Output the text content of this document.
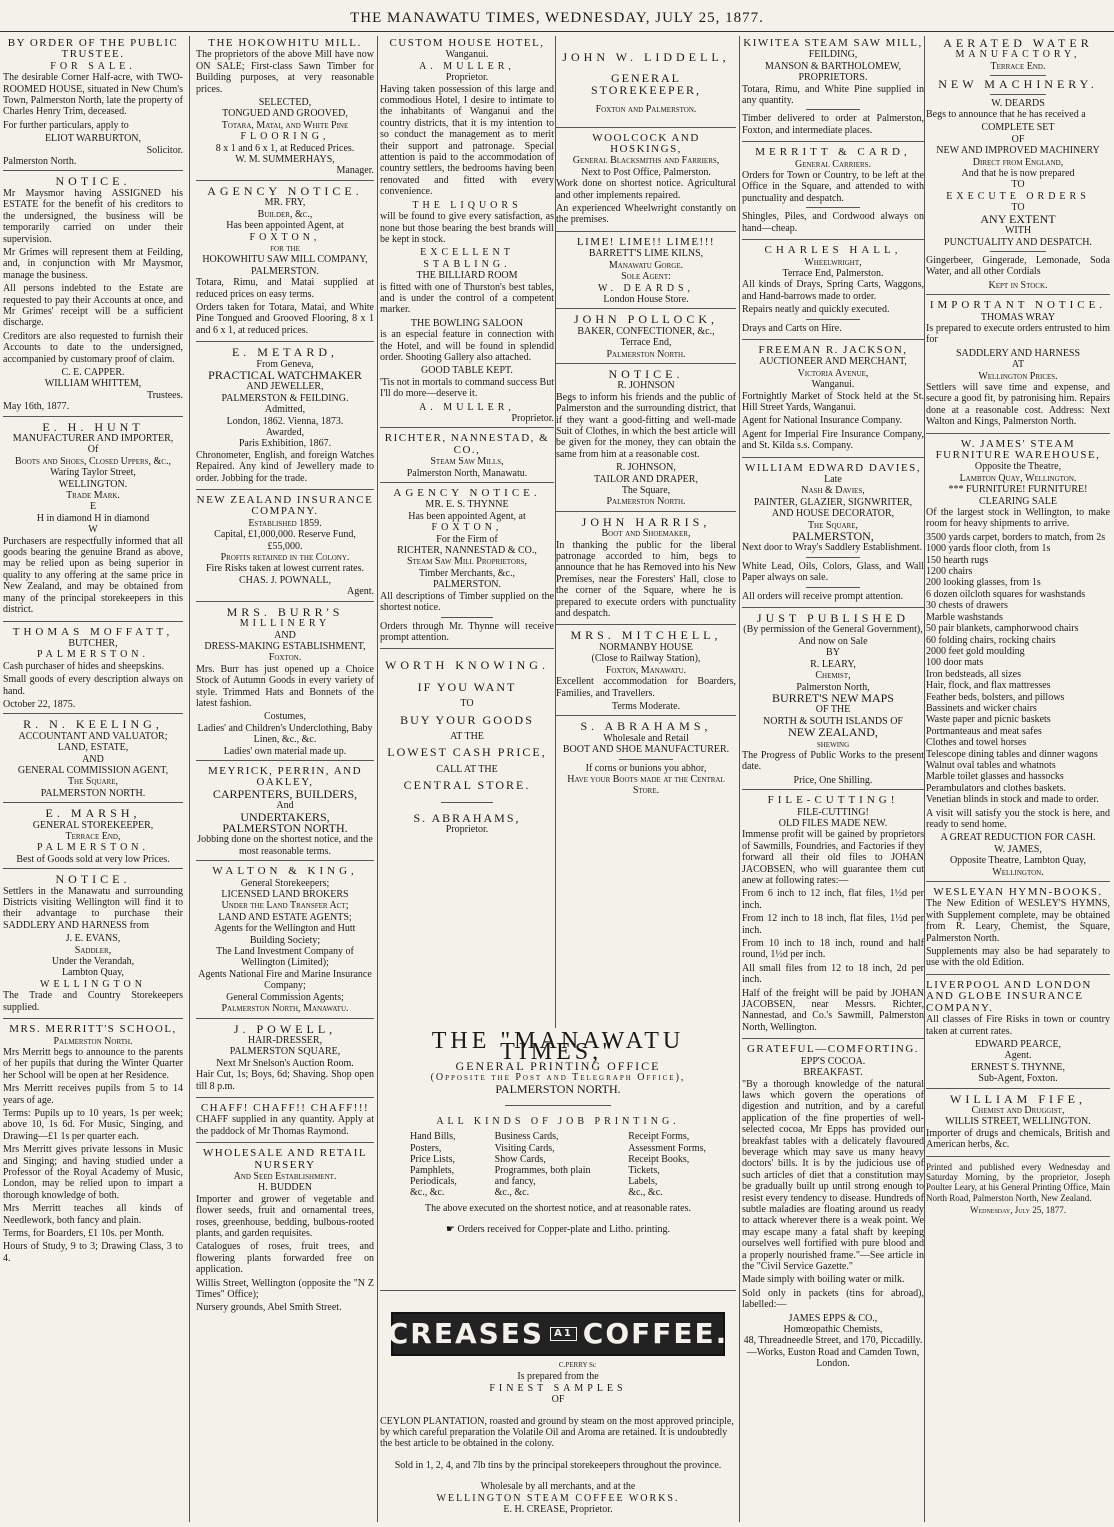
THE MANAWATU TIMES, WEDNESDAY, JULY 25, 1877.
BY ORDER OF THE PUBLIC TRUSTEE.
FOR SALE.

The desirable Corner Half-acre, with TWO-ROOMED HOUSE, situated in New Chum's Town, Palmerston North, late the property of Charles Henry Trim, deceased.

For further particulars, apply to

ELIOT WARBURTON,
Solicitor.
Palmerston North.
NOTICE.

Mr Maysmor having ASSIGNED his ESTATE for the benefit of his creditors to the undersigned, the business will be temporarily carried on under their supervision.

Mr Grimes will represent them at Feilding, and, in conjunction with Mr Maysmor, manage the business.

All persons indebted to the Estate are requested to pay their Accounts at once, and Mr Grimes' receipt will be a sufficient discharge.

Creditors are also requested to furnish their Accounts to date to the undersigned, accompanied by customary proof of claim.

C. E. CAPPER.
WILLIAM WHITTEM,
Trustees.
May 16th, 1877.
E. H. HUNT
MANUFACTURER AND IMPORTER,
Of
Boots and Shoes, Closed Uppers, &c.,
Waring Taylor Street,
WELLINGTON.
Trade Mark.
E
H in diamond H in diamond
W

Purchasers are respectfully informed that all goods bearing the genuine Brand as above, may be relied upon as being superior in quality to any offering at the same price in New Zealand, and may be obtained from many of the principal storekeepers in this district.

THOMAS MOFFATT,
BUTCHER,
PALMERSTON.

Cash purchaser of hides and sheepskins.

Small goods of every description always on hand.

October 22, 1875.
R. N. KEELING,
ACCOUNTANT AND VALUATOR;
LAND, ESTATE,
AND
GENERAL COMMISSION AGENT,
The Square,
PALMERSTON NORTH.
E. MARSH,
GENERAL STOREKEEPER,
Terrace End,
PALMERSTON.
Best of Goods sold at very low Prices.
NOTICE.

Settlers in the Manawatu and surrounding Districts visiting Wellington will find it to their advantage to purchase their SADDLERY AND HARNESS from

J. E. EVANS,
Saddler,
Under the Verandah,
Lambton Quay,
WELLINGTON

The Trade and Country Storekeepers supplied.

MRS. MERRITT'S SCHOOL,
Palmerston North.

Mrs Merritt begs to announce to the parents of her pupils that during the Winter Quarter her School will be open at her Residence.

Mrs Merritt receives pupils from 5 to 14 years of age.

Terms: Pupils up to 10 years, 1s per week; above 10, 1s 6d. For Music, Singing, and Drawing—£1 1s per quarter each.

Mrs Merritt gives private lessons in Music and Singing; and having studied under a Professor of the Royal Academy of Music, London, may be relied upon to impart a thorough knowledge of both.

Mrs Merritt teaches all kinds of Needlework, both fancy and plain.

Terms, for Boarders, £1 10s. per Month.

Hours of Study, 9 to 3; Drawing Class, 3 to 4.

THE HOKOWHITU MILL.

The proprietors of the above Mill have now ON SALE; First-class Sawn Timber for Building purposes, at very reasonable prices.

SELECTED,
TONGUED AND GROOVED,
Totara, Matai, and White Pine
FLOORING,
8 x 1 and 6 x 1, at Reduced Prices.
W. M. SUMMERHAYS,
Manager.
AGENCY NOTICE.
MR. FRY,
Builder, &c.,
Has been appointed Agent, at
FOXTON,
for the
HOKOWHITU SAW MILL COMPANY,
PALMERSTON.

Totara, Rimu, and Matai supplied at reduced prices on easy terms.

Orders taken for Totara, Matai, and White Pine Tongued and Grooved Flooring, 8 x 1 and 6 x 1, at reduced prices.

E. METARD,
From Geneva,
PRACTICAL WATCHMAKER
AND JEWELLER,
PALMERSTON & FEILDING.
Admitted,
London, 1862. Vienna, 1873.
Awarded,
Paris Exhibition, 1867.

Chronometer, English, and foreign Watches Repaired. Any kind of Jewellery made to order. Jobbing for the trade.

NEW ZEALAND INSURANCE COMPANY.
Established 1859.
Capital, £1,000,000. Reserve Fund, £55,000.
Profits retained in the Colony.
Fire Risks taken at lowest current rates.
CHAS. J. POWNALL,
Agent.
MRS. BURR'S
MILLINERY
AND
DRESS-MAKING ESTABLISHMENT,
Foxton.

Mrs. Burr has just opened up a Choice Stock of Autumn Goods in every variety of style. Trimmed Hats and Bonnets of the latest fashion.

Costumes,
Ladies' and Children's Underclothing, Baby Linen, &c., &c.
Ladies' own material made up.
MEYRICK, PERRIN, AND OAKLEY,
CARPENTERS, BUILDERS,
And
UNDERTAKERS,
PALMERSTON NORTH.
Jobbing done on the shortest notice, and the most reasonable terms.
WALTON & KING,
General Storekeepers;
LICENSED LAND BROKERS
Under the Land Transfer Act;
LAND AND ESTATE AGENTS;
Agents for the Wellington and Hutt Building Society;
The Land Investment Company of Wellington (Limited);
Agents National Fire and Marine Insurance Company;
General Commission Agents;
Palmerston North, Manawatu.
J. POWELL,
HAIR-DRESSER,
PALMERSTON SQUARE,
Next Mr Snelson's Auction Room.

Hair Cut, 1s; Boys, 6d; Shaving. Shop open till 8 p.m.

CHAFF! CHAFF!! CHAFF!!!

CHAFF supplied in any quantity. Apply at the paddock of Mr Thomas Raymond.

WHOLESALE AND RETAIL NURSERY
And Seed Establishment.
H. BUDDEN

Importer and grower of vegetable and flower seeds, fruit and ornamental trees, roses, greenhouse, bedding, bulbous-rooted plants, and garden requisites.

Catalogues of roses, fruit trees, and flowering plants forwarded free on application.

Willis Street, Wellington (opposite the "N Z Times" Office);

Nursery grounds, Abel Smith Street.

CUSTOM HOUSE HOTEL,
Wanganui.
A. MULLER,
Proprietor.

Having taken possession of this large and commodious Hotel, I desire to intimate to the inhabitants of Wanganui and the country districts, that it is my intention to so conduct the management as to merit their support and patronage. Special attention is paid to the accommodation of country settlers, the bedrooms having been renovated and fitted with every convenience.

THE LIQUORS

will be found to give every satisfaction, as none but those bearing the best brands will be kept in stock.

EXCELLENT STABLING.
THE BILLIARD ROOM

is fitted with one of Thurston's best tables, and is under the control of a competent marker.

THE BOWLING SALOON

is an especial feature in connection with the Hotel, and will be found in splendid order. Shooting Gallery also attached.

GOOD TABLE KEPT.

'Tis not in mortals to command success But I'll do more—deserve it.

A. MULLER,
Proprietor.
RICHTER, NANNESTAD, & CO.,
Steam Saw Mills,
Palmerston North, Manawatu.
AGENCY NOTICE.
MR. E. S. THYNNE
Has been appointed Agent, at
FOXTON,
For the Firm of
RICHTER, NANNESTAD & CO.,
Steam Saw Mill Proprietors,
Timber Merchants, &c.,
PALMERSTON.

All descriptions of Timber supplied on the shortest notice.

Orders through Mr. Thynne will receive prompt attention.

WORTH KNOWING.
IF YOU WANT
TO
BUY YOUR GOODS
AT THE
LOWEST CASH PRICE,
CALL AT THE
CENTRAL STORE.
S. ABRAHAMS,
Proprietor.
JOHN W. LIDDELL,
GENERAL STOREKEEPER,
Foxton and Palmerston.
WOOLCOCK AND HOSKINGS,
General Blacksmiths and Farriers,
Next to Post Office, Palmerston.

Work done on shortest notice. Agricultural and other implements repaired.

An experienced Wheelwright constantly on the premises.

LIME! LIME!! LIME!!!
BARRETT'S LIME KILNS,
Manawatu Gorge.
Sole Agent:
W. DEARDS,
London House Store.
JOHN POLLOCK,
BAKER, CONFECTIONER, &c.,
Terrace End,
Palmerston North.
NOTICE.
R. JOHNSON

Begs to inform his friends and the public of Palmerston and the surrounding district, that if they want a good-fitting and well-made Suit of Clothes, in which the best article will be given for the money, they can obtain the same from him at a reasonable cost.

R. JOHNSON,
TAILOR AND DRAPER,
The Square,
Palmerston North.
JOHN HARRIS,
Boot and Shoemaker,

In thanking the public for the liberal patronage accorded to him, begs to announce that he has Removed into his New Premises, near the Foresters' Hall, close to the corner of the Square, where he is prepared to execute orders with punctuality and despatch.

MRS. MITCHELL,
NORMANBY HOUSE
(Close to Railway Station),
Foxton, Manawatu.

Excellent accommodation for Boarders, Families, and Travellers.

Terms Moderate.
S. ABRAHAMS,
Wholesale and Retail
BOOT AND SHOE MANUFACTURER.
If corns or bunions you abhor,
Have your Boots made at the Central Store.
THE "MANAWATU TIMES,"
GENERAL PRINTING OFFICE
(Opposite the Post and Telegraph Office),
PALMERSTON NORTH.
ALL KINDS OF JOB PRINTING.
Hand Bills,
Posters,
Price Lists,
Pamphlets,
Periodicals,
&c., &c.
Business Cards,
Visiting Cards,
Show Cards,
Programmes, both plain
and fancy,
&c., &c.
Receipt Forms,
Assessment Forms,
Receipt Books,
Tickets,
Labels,
&c., &c.
The above executed on the shortest notice, and at reasonable rates.
☛ Orders received for Copper-plate and Litho. printing.
CREASES	A1 COFFEE.

C.PERRY Sc

Is prepared from the
FINEST SAMPLES
OF

CEYLON PLANTATION, roasted and ground by steam on the most approved principle, by which careful preparation the Volatile Oil and Aroma are retained. It is undoubtedly the best article to be obtained in the colony.

Sold in 1, 2, 4, and 7lb tins by the principal storekeepers throughout the province.

Wholesale by all merchants, and at the
WELLINGTON STEAM COFFEE WORKS.
E. H. CREASE, Proprietor.
KIWITEA STEAM SAW MILL,
FEILDING,
MANSON & BARTHOLOMEW,
PROPRIETORS.

Totara, Rimu, and White Pine supplied in any quantity.

Timber delivered to order at Palmerston, Foxton, and intermediate places.

MERRITT & CARD,
General Carriers.

Orders for Town or Country, to be left at the Office in the Square, and attended to with punctuality and despatch.

Shingles, Piles, and Cordwood always on hand—cheap.

CHARLES HALL,
Wheelwright,
Terrace End, Palmerston.

All kinds of Drays, Spring Carts, Waggons, and Hand-barrows made to order.

Repairs neatly and quickly executed.

Drays and Carts on Hire.

FREEMAN R. JACKSON,
AUCTIONEER AND MERCHANT,
Victoria Avenue,
Wanganui.

Fortnightly Market of Stock held at the St. Hill Street Yards, Wanganui.

Agent for National Insurance Company.

Agent for Imperial Fire Insurance Company, and St. Kilda s.s. Company.

WILLIAM EDWARD DAVIES,
Late
Nash & Davies,
PAINTER, GLAZIER, SIGNWRITER,
AND HOUSE DECORATOR,
The Square,
PALMERSTON,

Next door to Wray's Saddlery Establishment.

White Lead, Oils, Colors, Glass, and Wall Paper always on sale.

All orders will receive prompt attention.

JUST PUBLISHED
(By permission of the General Government),
And now on Sale
BY
R. LEARY,
Chemist,
Palmerston North,
BURRET'S NEW MAPS
OF THE
NORTH & SOUTH ISLANDS OF
NEW ZEALAND,
shewing

The Progress of Public Works to the present date.

Price, One Shilling.
FILE-CUTTING!
FILE-CUTTING!
OLD FILES MADE NEW.

Immense profit will be gained by proprietors of Sawmills, Foundries, and Factories if they forward all their old files to JOHAN JACOBSEN, who will guarantee them cut anew at following rates:—

From 6 inch to 12 inch, flat files, 1½d per inch.

From 12 inch to 18 inch, flat files, 1½d per inch.

From 10 inch to 18 inch, round and half round, 1½d per inch.

All small files from 12 to 18 inch, 2d per inch.

Half of the freight will be paid by JOHAN JACOBSEN, near Messrs. Richter, Nannestad, and Co.'s Sawmill, Palmerston North, Wellington.

GRATEFUL—COMFORTING.
EPP'S COCOA.
BREAKFAST.

"By a thorough knowledge of the natural laws which govern the operations of digestion and nutrition, and by a careful application of the fine properties of well-selected cocoa, Mr Epps has provided our breakfast tables with a delicately flavoured beverage which may save us many heavy doctors' bills. It is by the judicious use of such articles of diet that a constitution may be gradually built up until strong enough to resist every tendency to disease. Hundreds of subtle maladies are floating around us ready to attack wherever there is a weak point. We may escape many a fatal shaft by keeping ourselves well fortified with pure blood and a properly nourished frame."—See article in the "Civil Service Gazette."

Made simply with boiling water or milk.

Sold only in packets (tins for abroad), labelled:—

JAMES EPPS & CO.,
Homœopathic Chemists,
48, Threadneedle Street, and 170, Piccadilly.—Works, Euston Road and Camden Town, London.
AERATED WATER
MANUFACTORY,
Terrace End.
NEW MACHINERY.
W. DEARDS

Begs to announce that he has received a

COMPLETE SET
OF
NEW AND IMPROVED MACHINERY
Direct from England,
And that he is now prepared
TO
EXECUTE ORDERS
TO
ANY EXTENT
WITH
PUNCTUALITY AND DESPATCH.

Gingerbeer, Gingerade, Lemonade, Soda Water, and all other Cordials

Kept in Stock.
IMPORTANT NOTICE.
THOMAS WRAY

Is prepared to execute orders entrusted to him for

SADDLERY AND HARNESS
AT
Wellington Prices.

Settlers will save time and expense, and secure a good fit, by patronising him. Repairs done at a reasonable cost. Address: Next Walton and Kings, Palmerston North.

W. JAMES' STEAM FURNITURE WAREHOUSE,
Opposite the Theatre,
Lambton Quay, Wellington.
*** FURNITURE! FURNITURE!
CLEARING SALE

Of the largest stock in Wellington, to make room for heavy shipments to arrive.

3500 yards carpet, borders to match, from 2s
1000 yards floor cloth, from 1s
150 hearth rugs
1200 chairs
200 looking glasses, from 1s
6 dozen oilcloth squares for washstands
30 chests of drawers
Marble washstands
50 pair blankets, camphorwood chairs
60 folding chairs, rocking chairs
2000 feet gold moulding
100 door mats
Iron bedsteads, all sizes
Hair, flock, and flax mattresses
Feather beds, bolsters, and pillows
Bassinets and wicker chairs
Waste paper and picnic baskets
Portmanteaus and meat safes
Clothes and towel horses
Telescope dining tables and dinner wagons
Walnut oval tables and whatnots
Marble toilet glasses and hassocks
Perambulators and clothes baskets.

Venetian blinds in stock and made to order.

A visit will satisfy you the stock is here, and ready to send home.

A GREAT REDUCTION FOR CASH.
W. JAMES,
Opposite Theatre, Lambton Quay,
Wellington.
WESLEYAN HYMN-BOOKS.

The New Edition of WESLEY'S HYMNS, with Supplement complete, may be obtained from R. Leary, Chemist, the Square, Palmerston North.

Supplements may also be had separately to use with the old Edition.

LIVERPOOL AND LONDON AND GLOBE INSURANCE COMPANY.

All classes of Fire Risks in town or country taken at current rates.

EDWARD PEARCE,
Agent.
ERNEST S. THYNNE,
Sub-Agent, Foxton.
WILLIAM FIFE,
Chemist and Druggist,
WILLIS STREET, WELLINGTON.

Importer of drugs and chemicals, British and American herbs, &c.

Printed and published every Wednesday and Saturday Morning, by the proprietor, Joseph Poulter Leary, at his General Printing Office, Main North Road, Palmerston North, New Zealand.

Wednesday, July 25, 1877.
